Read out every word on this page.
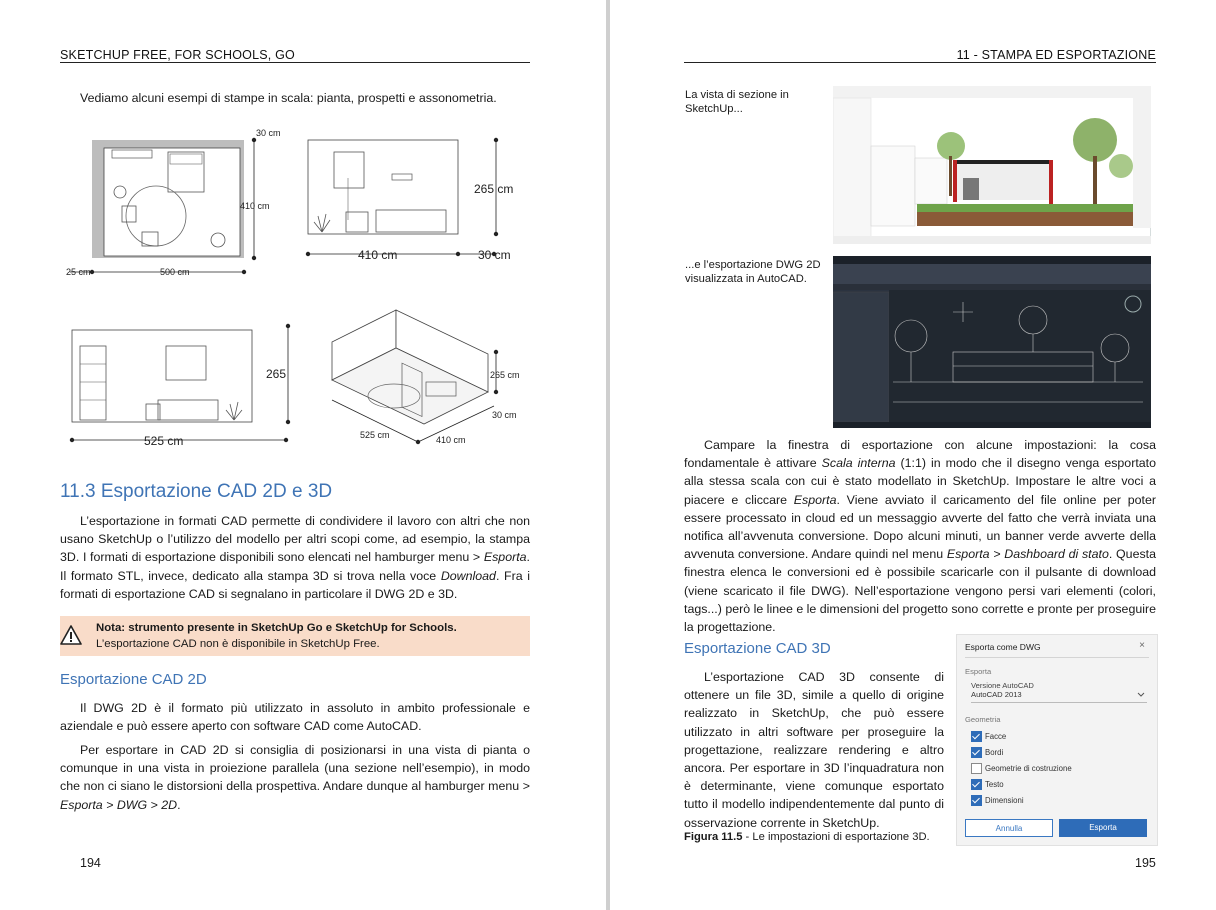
SKETCHUP FREE, FOR SCHOOLS, GO

Vediamo alcuni esempi di stampe in scala: pianta, prospetti e assonometria.

30 cm
410 cm
25 cm	500 cm
265 cm
410 cm	30 cm
265
525 cm
265 cm
30 cm
525 cm	410 cm
11.3 Esportazione CAD 2D e 3D

L’esportazione in formati CAD permette di condividere il lavoro con altri che non usano SketchUp o l’utilizzo del modello per altri scopi come, ad esempio, la stampa 3D. I formati di esportazione disponibili sono elencati nel hamburger menu > Esporta. Il formato STL, invece, dedicato alla stampa 3D si trova nella voce Download. Fra i formati di esportazione CAD si segnalano in particolare il DWG 2D e 3D.

Nota: strumento presente in SketchUp Go e SketchUp for Schools. L’esportazione CAD non è disponibile in SketchUp Free.
Esportazione CAD 2D

Il DWG 2D è il formato più utilizzato in assoluto in ambito professionale e aziendale e può essere aperto con software CAD come AutoCAD.

Per esportare in CAD 2D si consiglia di posizionarsi in una vista di pianta o comunque in una vista in proiezione parallela (una sezione nell’esempio), in modo che non ci siano le distorsioni della prospettiva. Andare dunque al hamburger menu > Esporta > DWG > 2D.

194
11 - STAMPA ED ESPORTAZIONE
La vista di sezione in SketchUp...
...e l’esportazione DWG 2D visualizzata in AutoCAD.

Campare la finestra di esportazione con alcune impostazioni: la cosa fondamentale è attivare Scala interna (1:1) in modo che il disegno venga esportato alla stessa scala con cui è stato modellato in SketchUp. Impostare le altre voci a piacere e cliccare Esporta. Viene avviato il caricamento del file online per poter essere processato in cloud ed un messaggio avverte del fatto che verrà inviata una notifica all’avvenuta conversione. Dopo alcuni minuti, un banner verde avverte della avvenuta conversione. Andare quindi nel menu Esporta > Dashboard di stato. Questa finestra elenca le conversioni ed è possibile scaricarle con il pulsante di download (viene scaricato il file DWG). Nell’esportazione vengono persi vari elementi (colori, tags...) però le linee e le dimensioni del progetto sono corrette e pronte per proseguire la progettazione.

Esportazione CAD 3D

L’esportazione CAD 3D consente di ottenere un file 3D, simile a quello di origine realizzato in SketchUp, che può essere utilizzato in altri software per proseguire la progettazione, realizzare rendering e altro ancora. Per esportare in 3D l’inquadratura non è determinante, viene comunque esportato tutto il modello indipendentemente dal punto di osservazione corrente in SketchUp.

Figura 11.5 - Le impostazioni di esportazione 3D.
195
Esporta come DWG	×
Esporta
Versione AutoCAD
AutoCAD 2013
Geometria
Facce
Bordi
Geometrie di costruzione
Testo
Dimensioni
Annulla	Esporta
